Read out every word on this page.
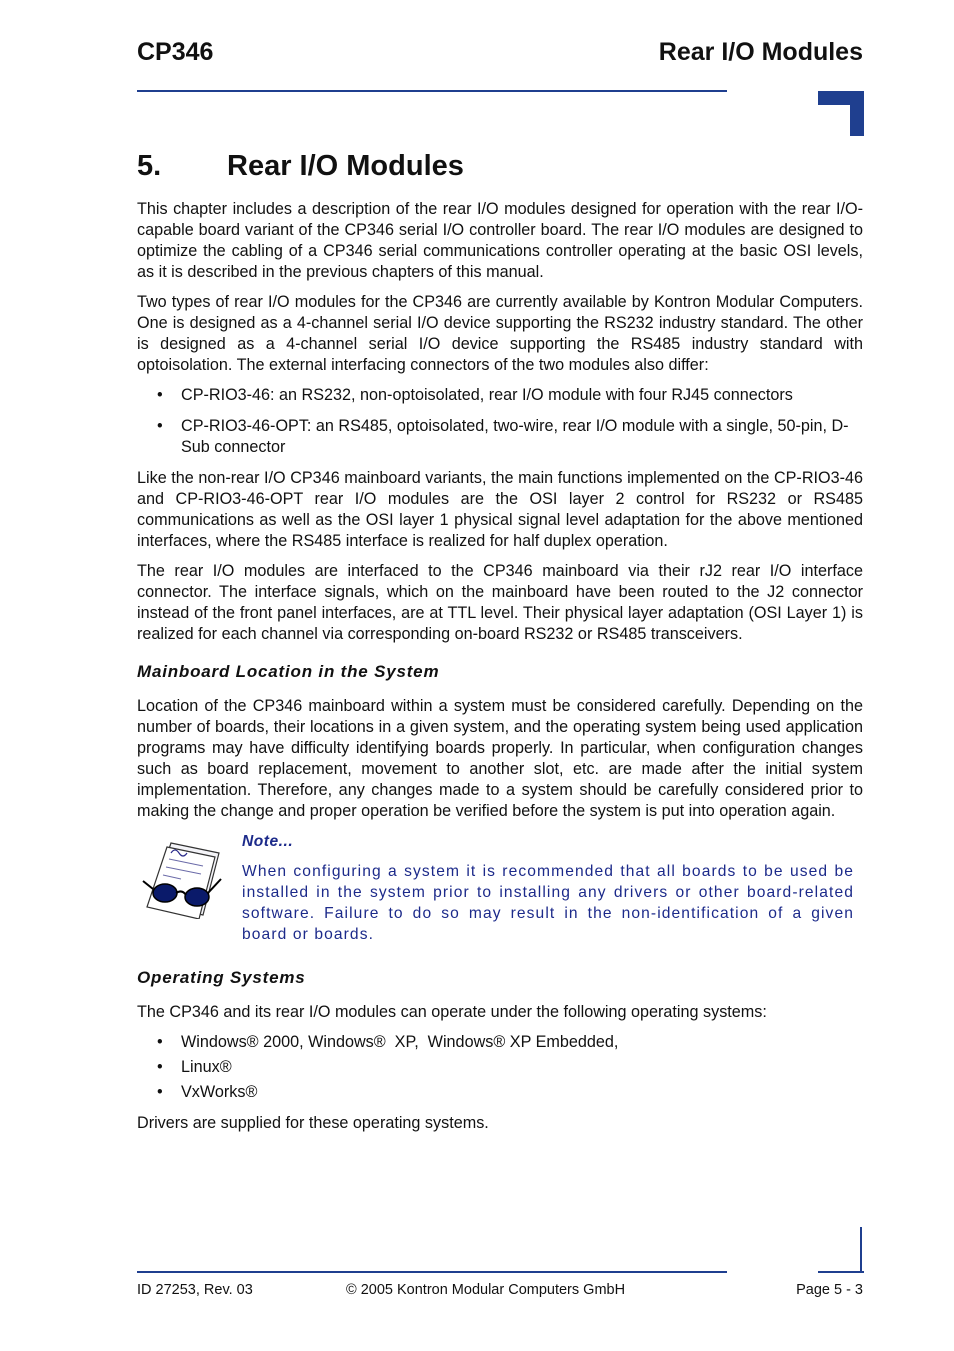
CP346	Rear I/O Modules
5. Rear I/O Modules

This chapter includes a description of the rear I/O modules designed for operation with the rear I/O-capable board variant of the CP346 serial I/O controller board. The rear I/O modules are designed to optimize the cabling of a CP346 serial communications controller operating at the basic OSI levels, as it is described in the previous chapters of this manual.

Two types of rear I/O modules for the CP346 are currently available by Kontron Modular Computers. One is designed as a 4-channel serial I/O device supporting the RS232 industry standard. The other is designed as a 4-channel serial I/O device supporting the RS485 industry standard with optoisolation. The external interfacing connectors of the two modules also differ:

• CP-RIO3-46: an RS232, non-optoisolated, rear I/O module with four RJ45 connectors
• CP-RIO3-46-OPT: an RS485, optoisolated, two-wire, rear I/O module with a single, 50-pin, D-Sub connector

Like the non-rear I/O CP346 mainboard variants, the main functions implemented on the CP-RIO3-46 and CP-RIO3-46-OPT rear I/O modules are the OSI layer 2 control for RS232 or RS485 communications as well as the OSI layer 1 physical signal level adaptation for the above mentioned interfaces, where the RS485 interface is realized for half duplex operation.

The rear I/O modules are interfaced to the CP346 mainboard via their rJ2 rear I/O interface connector. The interface signals, which on the mainboard have been routed to the J2 connector instead of the front panel interfaces, are at TTL level. Their physical layer adaptation (OSI Layer 1) is realized for each channel via corresponding on-board RS232 or RS485 transceivers.

Mainboard Location in the System

Location of the CP346 mainboard within a system must be considered carefully. Depending on the number of boards, their locations in a given system, and the operating system being used application programs may have difficulty identifying boards properly. In particular, when configuration changes such as board replacement, movement to another slot, etc. are made after the initial system implementation. Therefore, any changes made to a system should be carefully considered prior to making the change and proper operation be verified before the system is put into operation again.

Note...
When configuring a system it is recommended that all boards to be used be installed in the system prior to installing any drivers or other board-related software. Failure to do so may result in the non-identification of a given board or boards.
Operating Systems

The CP346 and its rear I/O modules can operate under the following operating systems:

• Windows® 2000, Windows®  XP,  Windows® XP Embedded,
• Linux®
• VxWorks®

Drivers are supplied for these operating systems.

ID 27253, Rev. 03	© 2005 Kontron Modular Computers GmbH	Page 5 - 3
